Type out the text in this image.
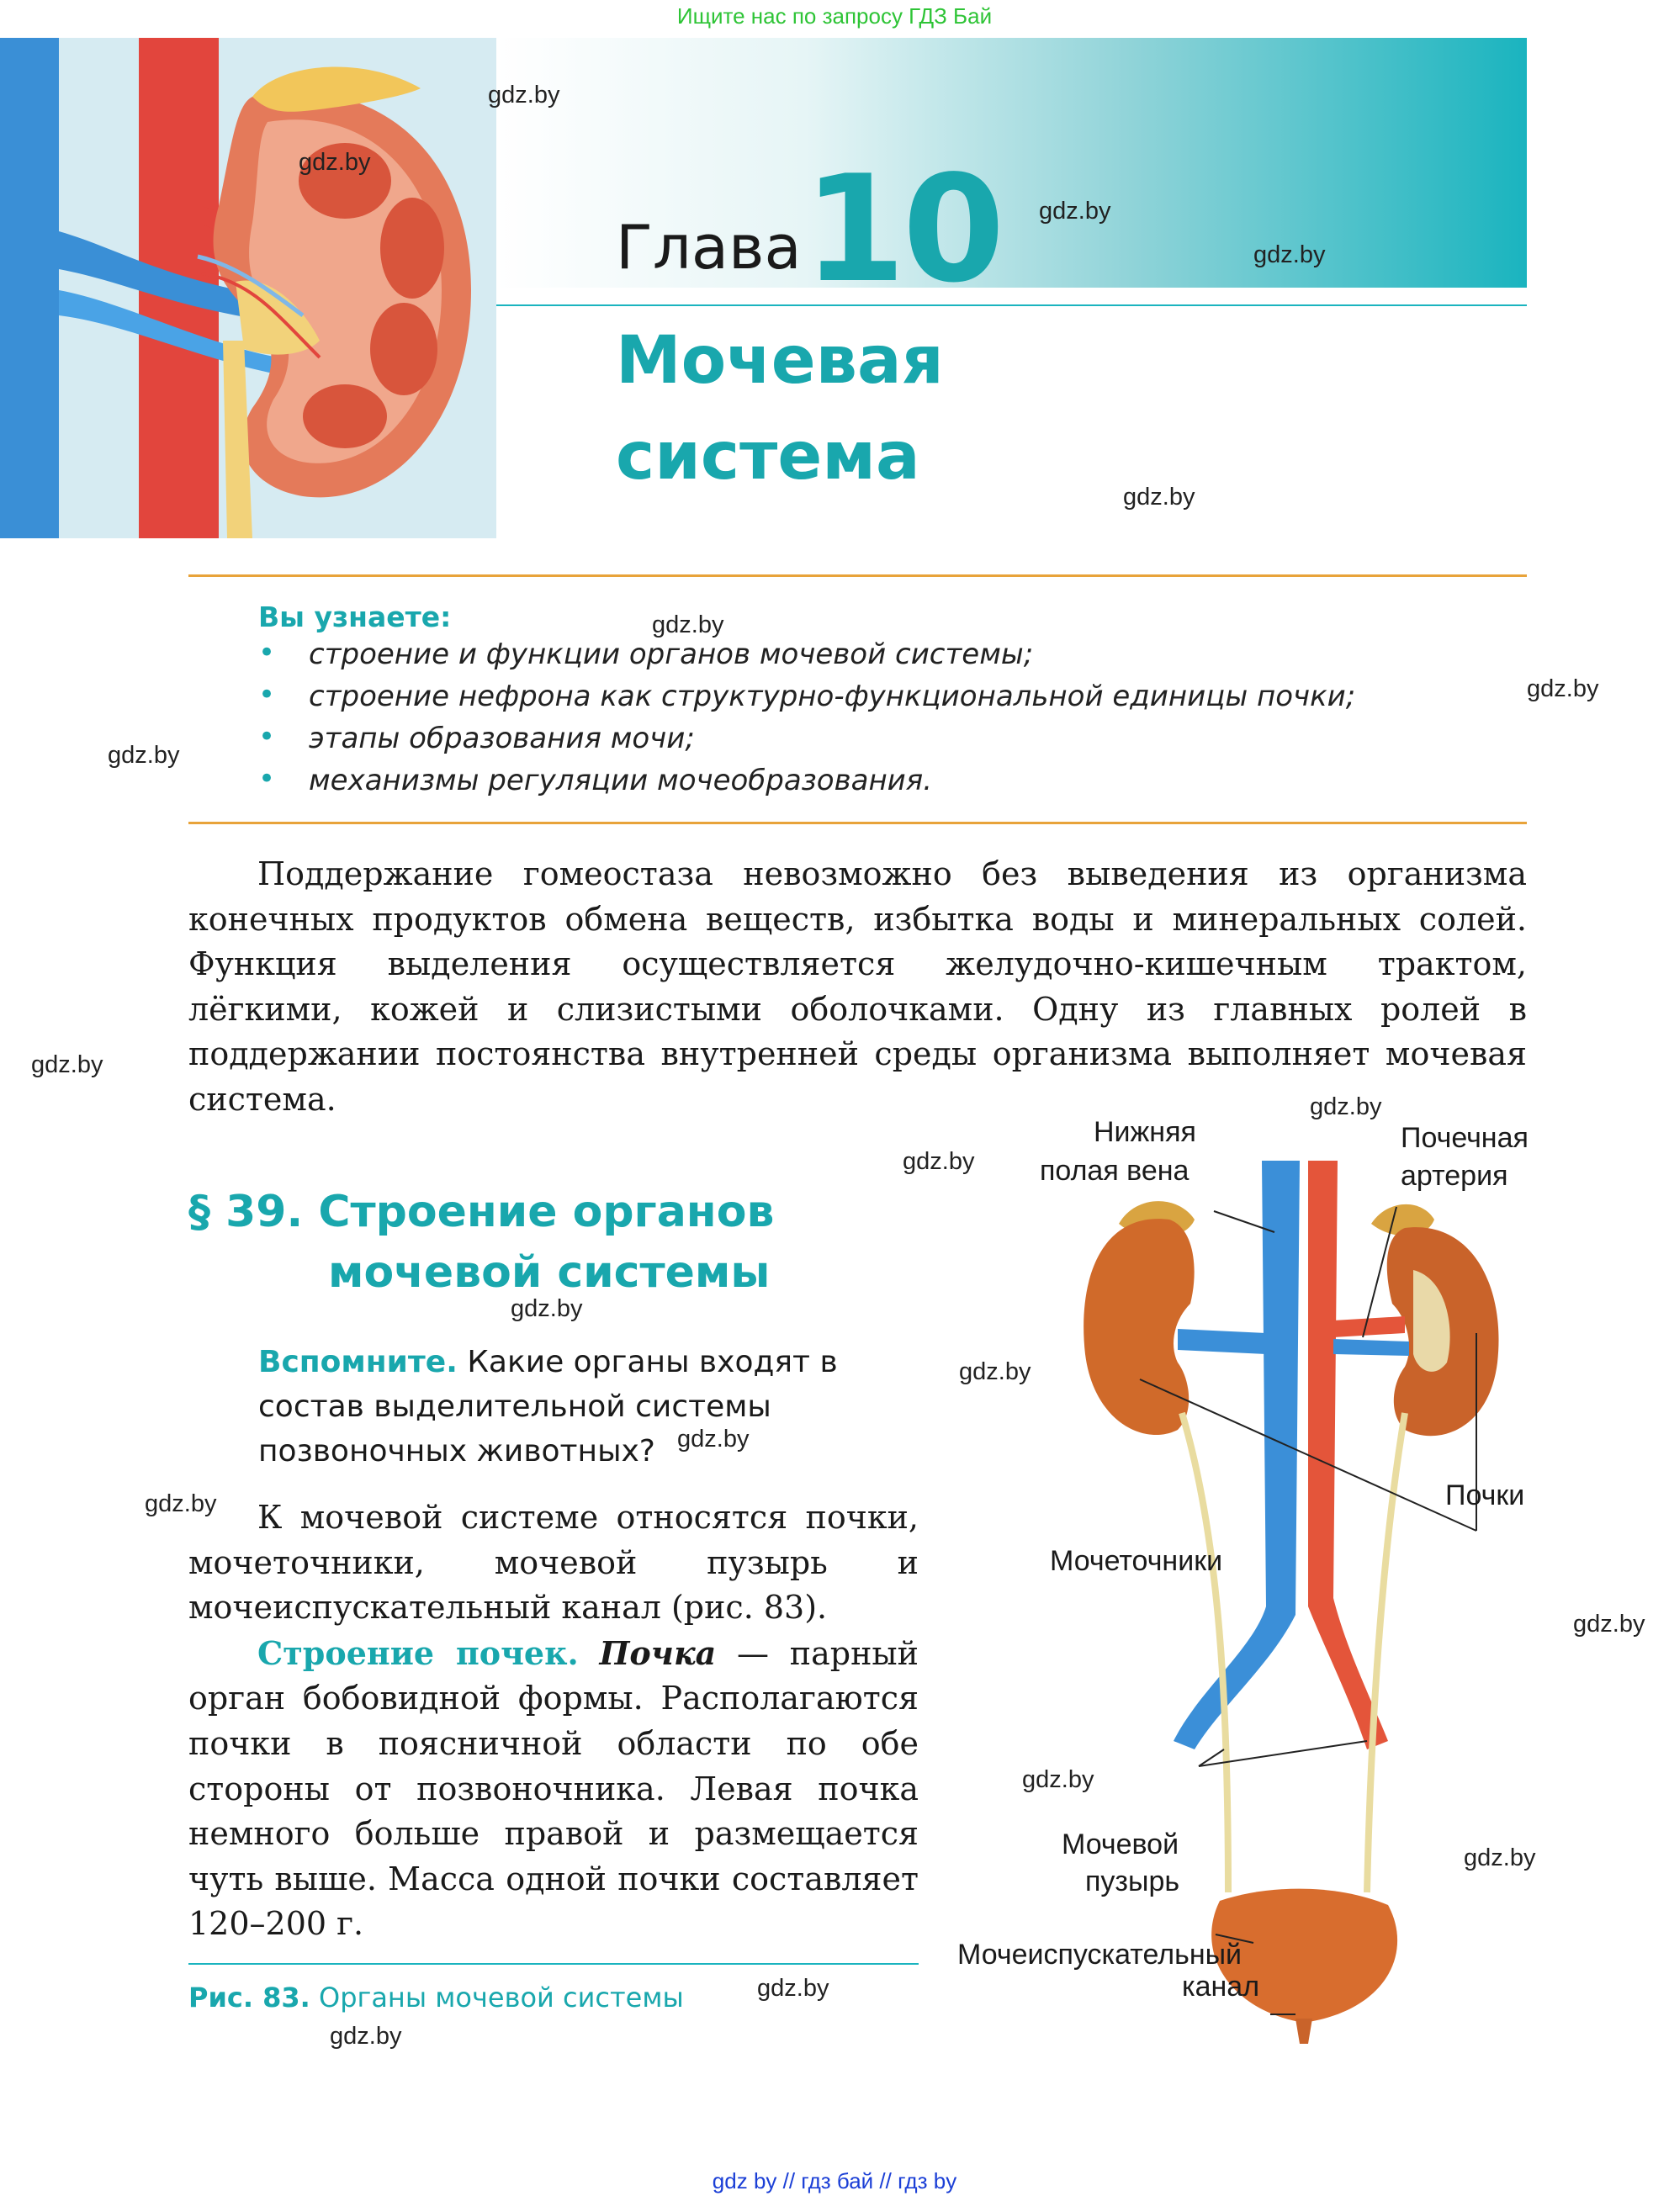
Ищите нас по запросу ГДЗ Бай
Глава 10
Мочевая
система
gdz.by
gdz.by
gdz.by
gdz.by
gdz.by
gdz.by
gdz.by
gdz.by
gdz.by
gdz.by
gdz.by
gdz.by
gdz.by
gdz.by
gdz.by
gdz.by
gdz.by
gdz.by
gdz.by
gdz.by
Вы узнаете:
• строение и функции органов мочевой системы;
• строение нефрона как структурно-функциональной единицы почки;
• этапы образования мочи;
• механизмы регуляции мочеобразования.

Поддержание гомеостаза невозможно без выведения из организма конечных продуктов обмена веществ, избытка воды и минеральных солей. Функция выделения осуществляется желудочно-кишечным трактом, лёгкими, кожей и слизистыми оболочками. Одну из главных ролей в поддержании постоянства внутренней среды организма выполняет мочевая система.

§ 39. Строение органов
мочевой системы
Вспомните. Какие органы входят в состав выделительной системы позвоночных животных?

К мочевой системе относятся почки, мочеточники, мочевой пузырь и мочеиспускательный канал (рис. 83).

Строение почек. Почка — парный орган бобовидной формы. Располагаются почки в поясничной области по обе стороны от позвоночника. Левая почка немного больше правой и размещается чуть выше. Масса одной почки составляет 120–200 г.

Рис. 83. Органы мочевой системы
Нижняя
полая вена
Почечная
артерия
Почки
Мочеточники
Мочевой
пузырь
Мочеиспускательный
канал
gdz by // гдз бай // гдз by
